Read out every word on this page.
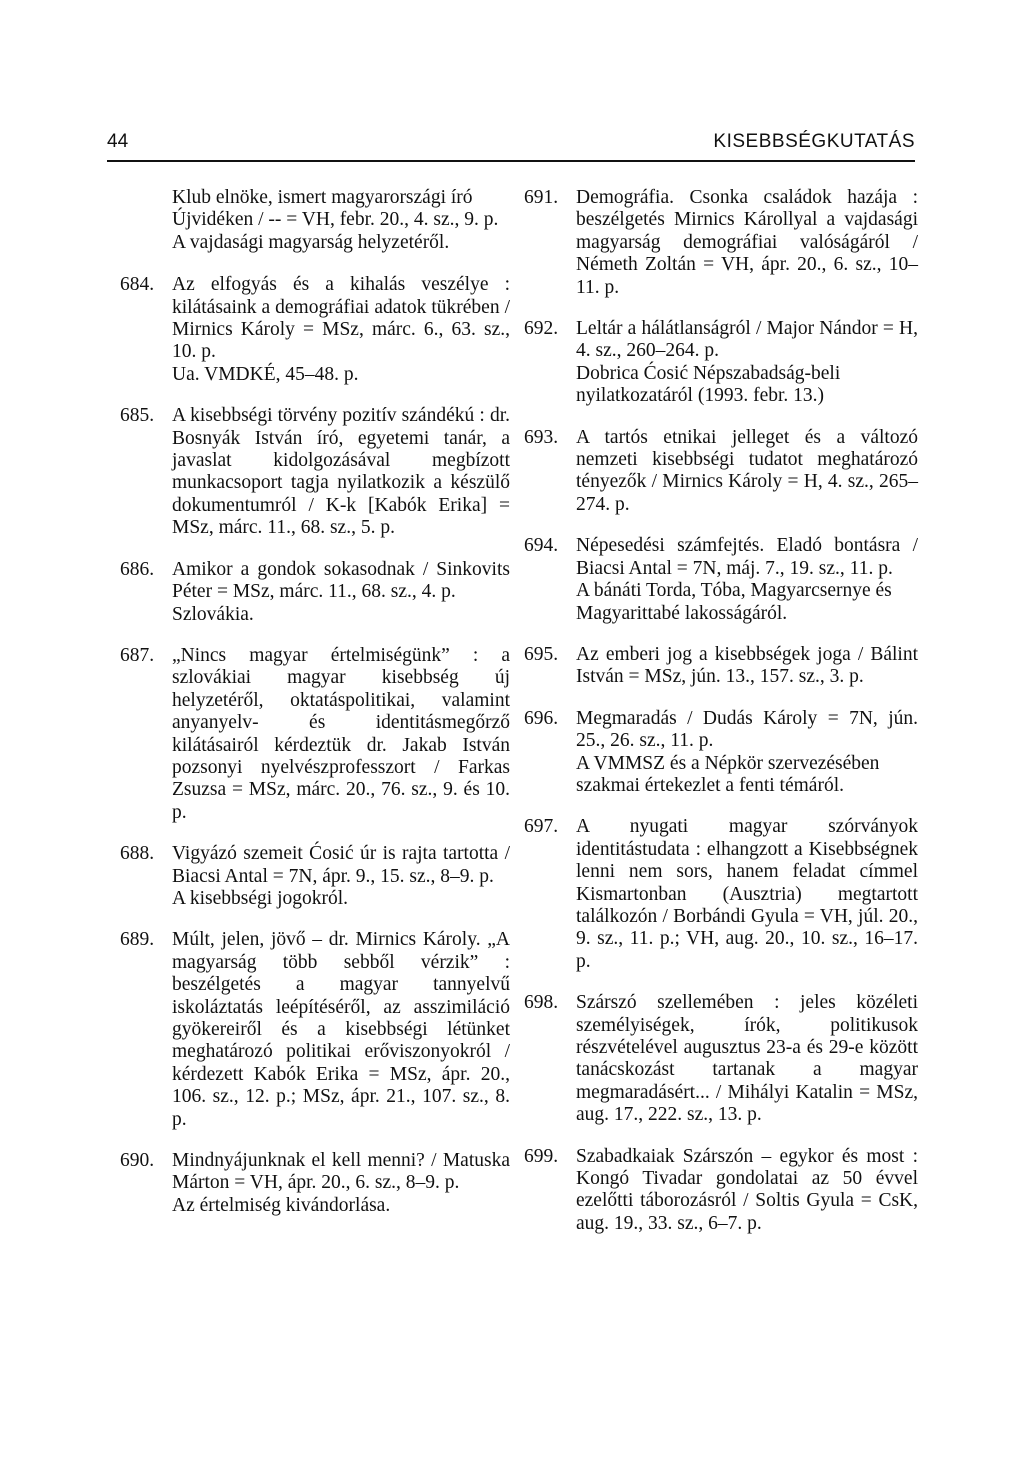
44	KISEBBSÉGKUTATÁS
Klub elnöke, ismert magyarországi író Újvidéken / -- = VH, febr. 20., 4. sz., 9. p.
A vajdasági magyarság helyzetéről.
684. Az elfogyás és a kihalás veszélye : kilátásaink a demográfiai adatok tükrében / Mirnics Károly = MSz, márc. 6., 63. sz., 10. p.
Ua. VMDKÉ, 45–48. p.
685. A kisebbségi törvény pozitív szándékú : dr. Bosnyák István író, egyetemi tanár, a javaslat kidolgozásával megbízott munkacsoport tagja nyilatkozik a készülő dokumentumról / K-k [Kabók Erika] = MSz, márc. 11., 68. sz., 5. p.
686. Amikor a gondok sokasodnak / Sinkovits Péter = MSz, márc. 11., 68. sz., 4. p.
Szlovákia.
687. „Nincs magyar értelmiségünk” : a szlovákiai magyar kisebbség új helyzetéről, oktatáspolitikai, valamint anyanyelv- és identitásmegőrző kilátásairól kérdeztük dr. Jakab István pozsonyi nyelvészprofesszort / Farkas Zsuzsa = MSz, márc. 20., 76. sz., 9. és 10. p.
688. Vigyázó szemeit Ćosić úr is rajta tartotta / Biacsi Antal = 7N, ápr. 9., 15. sz., 8–9. p.
A kisebbségi jogokról.
689. Múlt, jelen, jövő – dr. Mirnics Károly. „A magyarság több sebből vérzik” : beszélgetés a magyar tannyelvű iskoláztatás leépítéséről, az asszimiláció gyökereiről és a kisebbségi létünket meghatározó politikai erőviszonyokról / kérdezett Kabók Erika = MSz, ápr. 20., 106. sz., 12. p.; MSz, ápr. 21., 107. sz., 8. p.
690. Mindnyájunknak el kell menni? / Matuska Márton = VH, ápr. 20., 6. sz., 8–9. p.
Az értelmiség kivándorlása.
691. Demográfia. Csonka családok hazája : beszélgetés Mirnics Károllyal a vajdasági magyarság demográfiai valóságáról / Németh Zoltán = VH, ápr. 20., 6. sz., 10–11. p.
692. Leltár a hálátlanságról / Major Nándor = H, 4. sz., 260–264. p.
Dobrica Ćosić Népszabadság-beli nyilatkozatáról (1993. febr. 13.)
693. A tartós etnikai jelleget és a változó nemzeti kisebbségi tudatot meghatározó tényezők / Mirnics Károly = H, 4. sz., 265–274. p.
694. Népesedési számfejtés. Eladó bontásra / Biacsi Antal = 7N, máj. 7., 19. sz., 11. p.
A bánáti Torda, Tóba, Magyarcsernye és Magyarittabé lakosságáról.
695. Az emberi jog a kisebbségek joga / Bálint István = MSz, jún. 13., 157. sz., 3. p.
696. Megmaradás / Dudás Károly = 7N, jún. 25., 26. sz., 11. p.
A VMMSZ és a Népkör szervezésében szakmai értekezlet a fenti témáról.
697. A nyugati magyar szórványok identitástudata : elhangzott a Kisebbségnek lenni nem sors, hanem feladat címmel Kismartonban (Ausztria) megtartott találkozón / Borbándi Gyula = VH, júl. 20., 9. sz., 11. p.; VH, aug. 20., 10. sz., 16–17. p.
698. Szárszó szellemében : jeles közéleti személyiségek, írók, politikusok részvételével augusztus 23-a és 29-e között tanácskozást tartanak a magyar megmaradásért... / Mihályi Katalin = MSz, aug. 17., 222. sz., 13. p.
699. Szabadkaiak Szárszón – egykor és most : Kongó Tivadar gondolatai az 50 évvel ezelőtti táborozásról / Soltis Gyula = CsK, aug. 19., 33. sz., 6–7. p.
